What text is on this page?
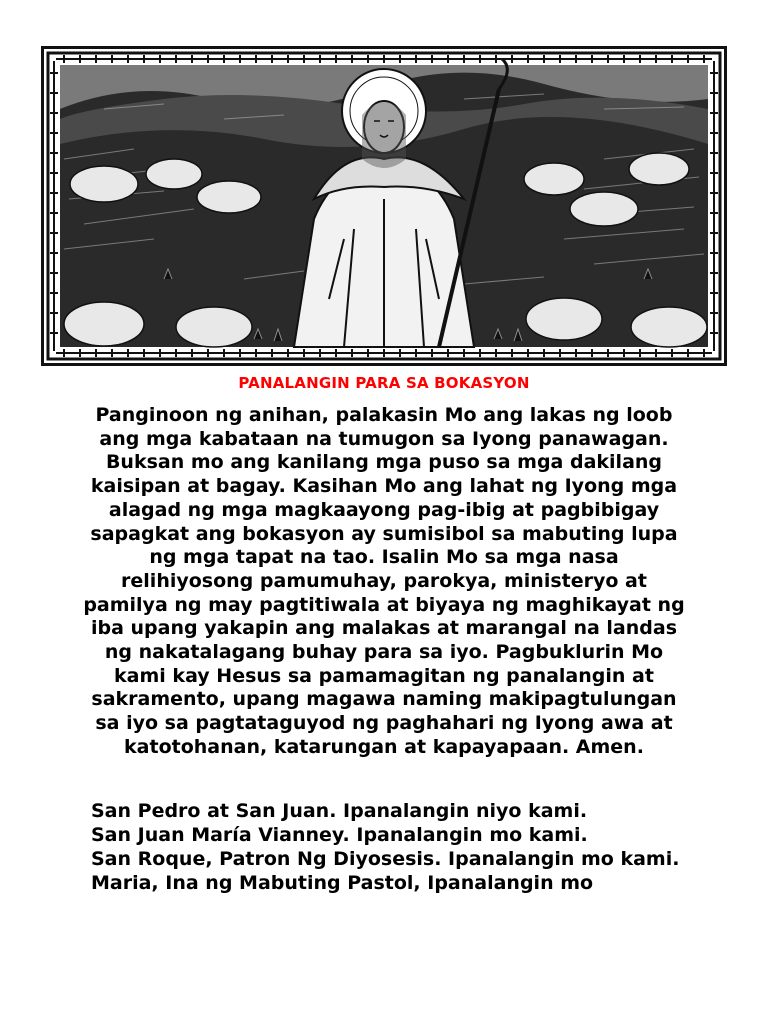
PANALANGIN PARA SA BOKASYON

Panginoon ng anihan, palakasin Mo ang lakas ng loob ang mga kabataan na tumugon sa Iyong panawagan. Buksan mo ang kanilang mga puso sa mga dakilang kaisipan at bagay. Kasihan Mo ang lahat ng Iyong mga alagad ng mga magkaayong pag-ibig at pagbibigay sapagkat ang bokasyon ay sumisibol sa mabuting lupa ng mga tapat na tao. Isalin Mo sa mga nasa relihiyosong pamumuhay, parokya, ministeryo at pamilya ng may pagtitiwala at biyaya ng maghikayat ng iba upang yakapin ang malakas at marangal na landas ng nakatalagang buhay para sa iyo. Pagbuklurin Mo kami kay Hesus sa pamamagitan ng panalangin at sakramento, upang magawa naming makipagtulungan sa iyo sa pagtataguyod ng paghahari ng Iyong awa at katotohanan, katarungan at kapayapaan. Amen.

San Pedro at San Juan. Ipanalangin niyo kami.
San Juan María Vianney. Ipanalangin mo kami.
San Roque, Patron Ng Diyosesis. Ipanalangin mo kami.
Maria, Ina ng Mabuting Pastol, Ipanalangin mo
